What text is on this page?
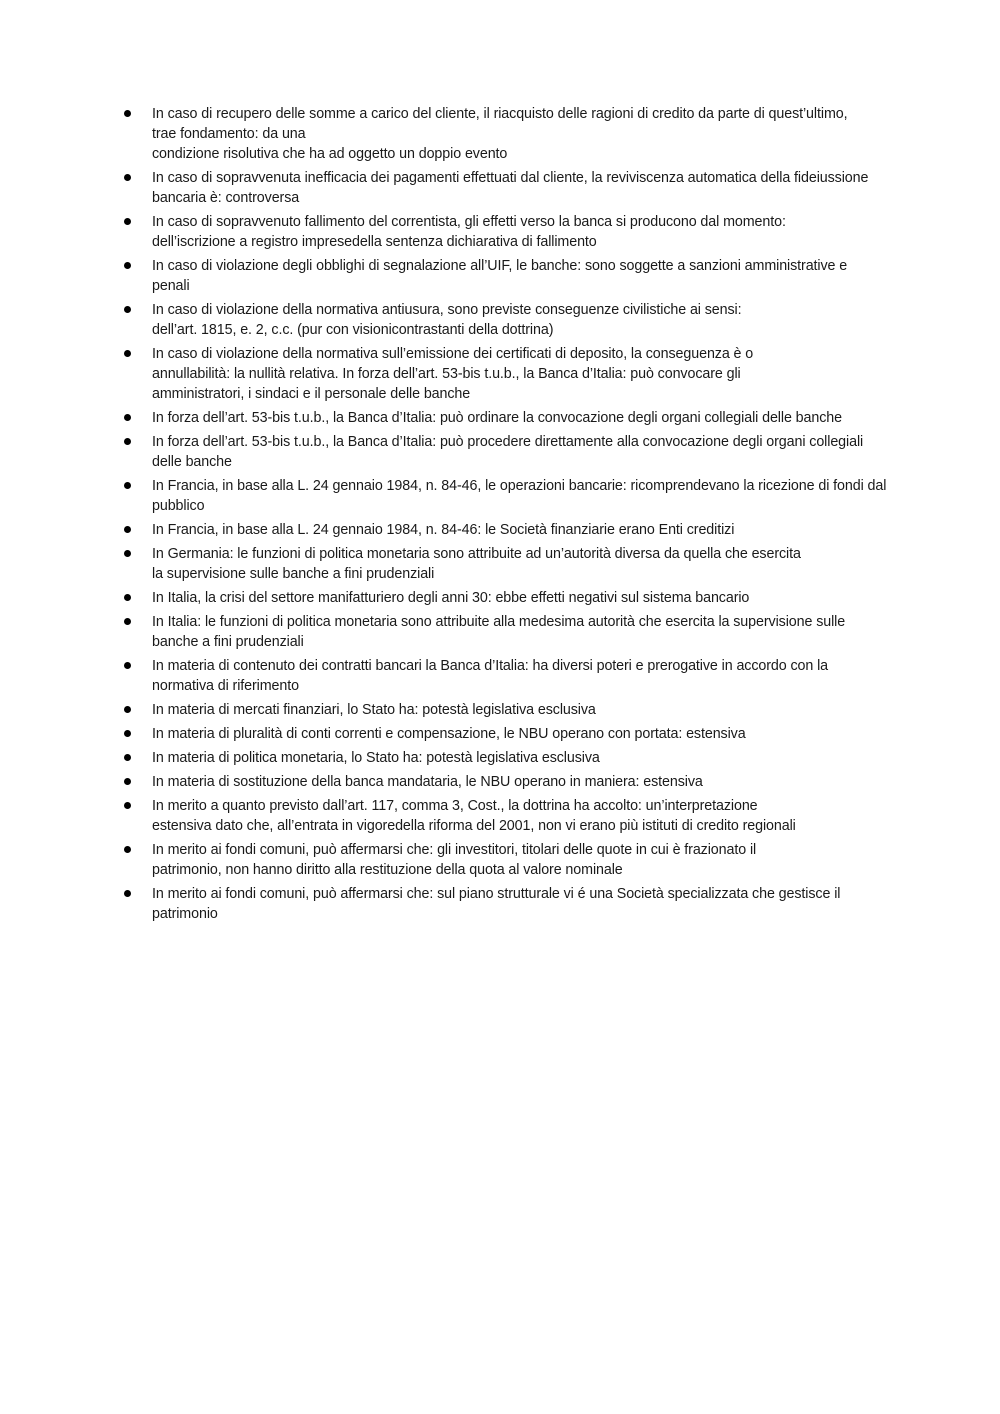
In caso di recupero delle somme a carico del cliente, il riacquisto delle ragioni di credito da parte di quest’ultimo,
trae fondamento: da una
condizione risolutiva che ha ad oggetto un doppio evento
In caso di sopravvenuta inefficacia dei pagamenti effettuati dal cliente, la reviviscenza automatica della fideiussione
bancaria è: controversa
In caso di sopravvenuto fallimento del correntista, gli effetti verso la banca si producono dal momento:
dell’iscrizione a registro impresedella sentenza dichiarativa di fallimento
In caso di violazione degli obblighi di segnalazione all’UIF, le banche: sono soggette a sanzioni amministrative e
penali
In caso di violazione della normativa antiusura, sono previste conseguenze civilistiche ai sensi:
dell’art. 1815, e. 2, c.c. (pur con visionicontrastanti della dottrina)
In caso di violazione della normativa sull’emissione dei certificati di deposito, la conseguenza è o
annullabilità: la nullità relativa. In forza dell’art. 53-bis t.u.b., la Banca d’Italia: può convocare gli
amministratori, i sindaci e il personale delle banche
In forza dell’art. 53-bis t.u.b., la Banca d’Italia: può ordinare la convocazione degli organi collegiali delle banche
In forza dell’art. 53-bis t.u.b., la Banca d’Italia: può procedere direttamente alla convocazione degli organi collegiali
delle banche
In Francia, in base alla L. 24 gennaio 1984, n. 84-46, le operazioni bancarie: ricomprendevano la ricezione di fondi dal
pubblico
In Francia, in base alla L. 24 gennaio 1984, n. 84-46: le Società finanziarie erano Enti creditizi
In Germania: le funzioni di politica monetaria sono attribuite ad un’autorità diversa da quella che esercita
la supervisione sulle banche a fini prudenziali
In Italia, la crisi del settore manifatturiero degli anni 30: ebbe effetti negativi sul sistema bancario
In Italia: le funzioni di politica monetaria sono attribuite alla medesima autorità che esercita la supervisione sulle
banche a fini prudenziali
In materia di contenuto dei contratti bancari la Banca d’Italia: ha diversi poteri e prerogative in accordo con la
normativa di riferimento
In materia di mercati finanziari, lo Stato ha: potestà legislativa esclusiva
In materia di pluralità di conti correnti e compensazione, le NBU operano con portata: estensiva
In materia di politica monetaria, lo Stato ha: potestà legislativa esclusiva
In materia di sostituzione della banca mandataria, le NBU operano in maniera: estensiva
In merito a quanto previsto dall’art. 117, comma 3, Cost., la dottrina ha accolto: un’interpretazione
estensiva dato che, all’entrata in vigoredella riforma del 2001, non vi erano più istituti di credito regionali
In merito ai fondi comuni, può affermarsi che: gli investitori, titolari delle quote in cui è frazionato il
patrimonio, non hanno diritto alla restituzione della quota al valore nominale
In merito ai fondi comuni, può affermarsi che: sul piano strutturale vi é una Società specializzata che gestisce il
patrimonio
